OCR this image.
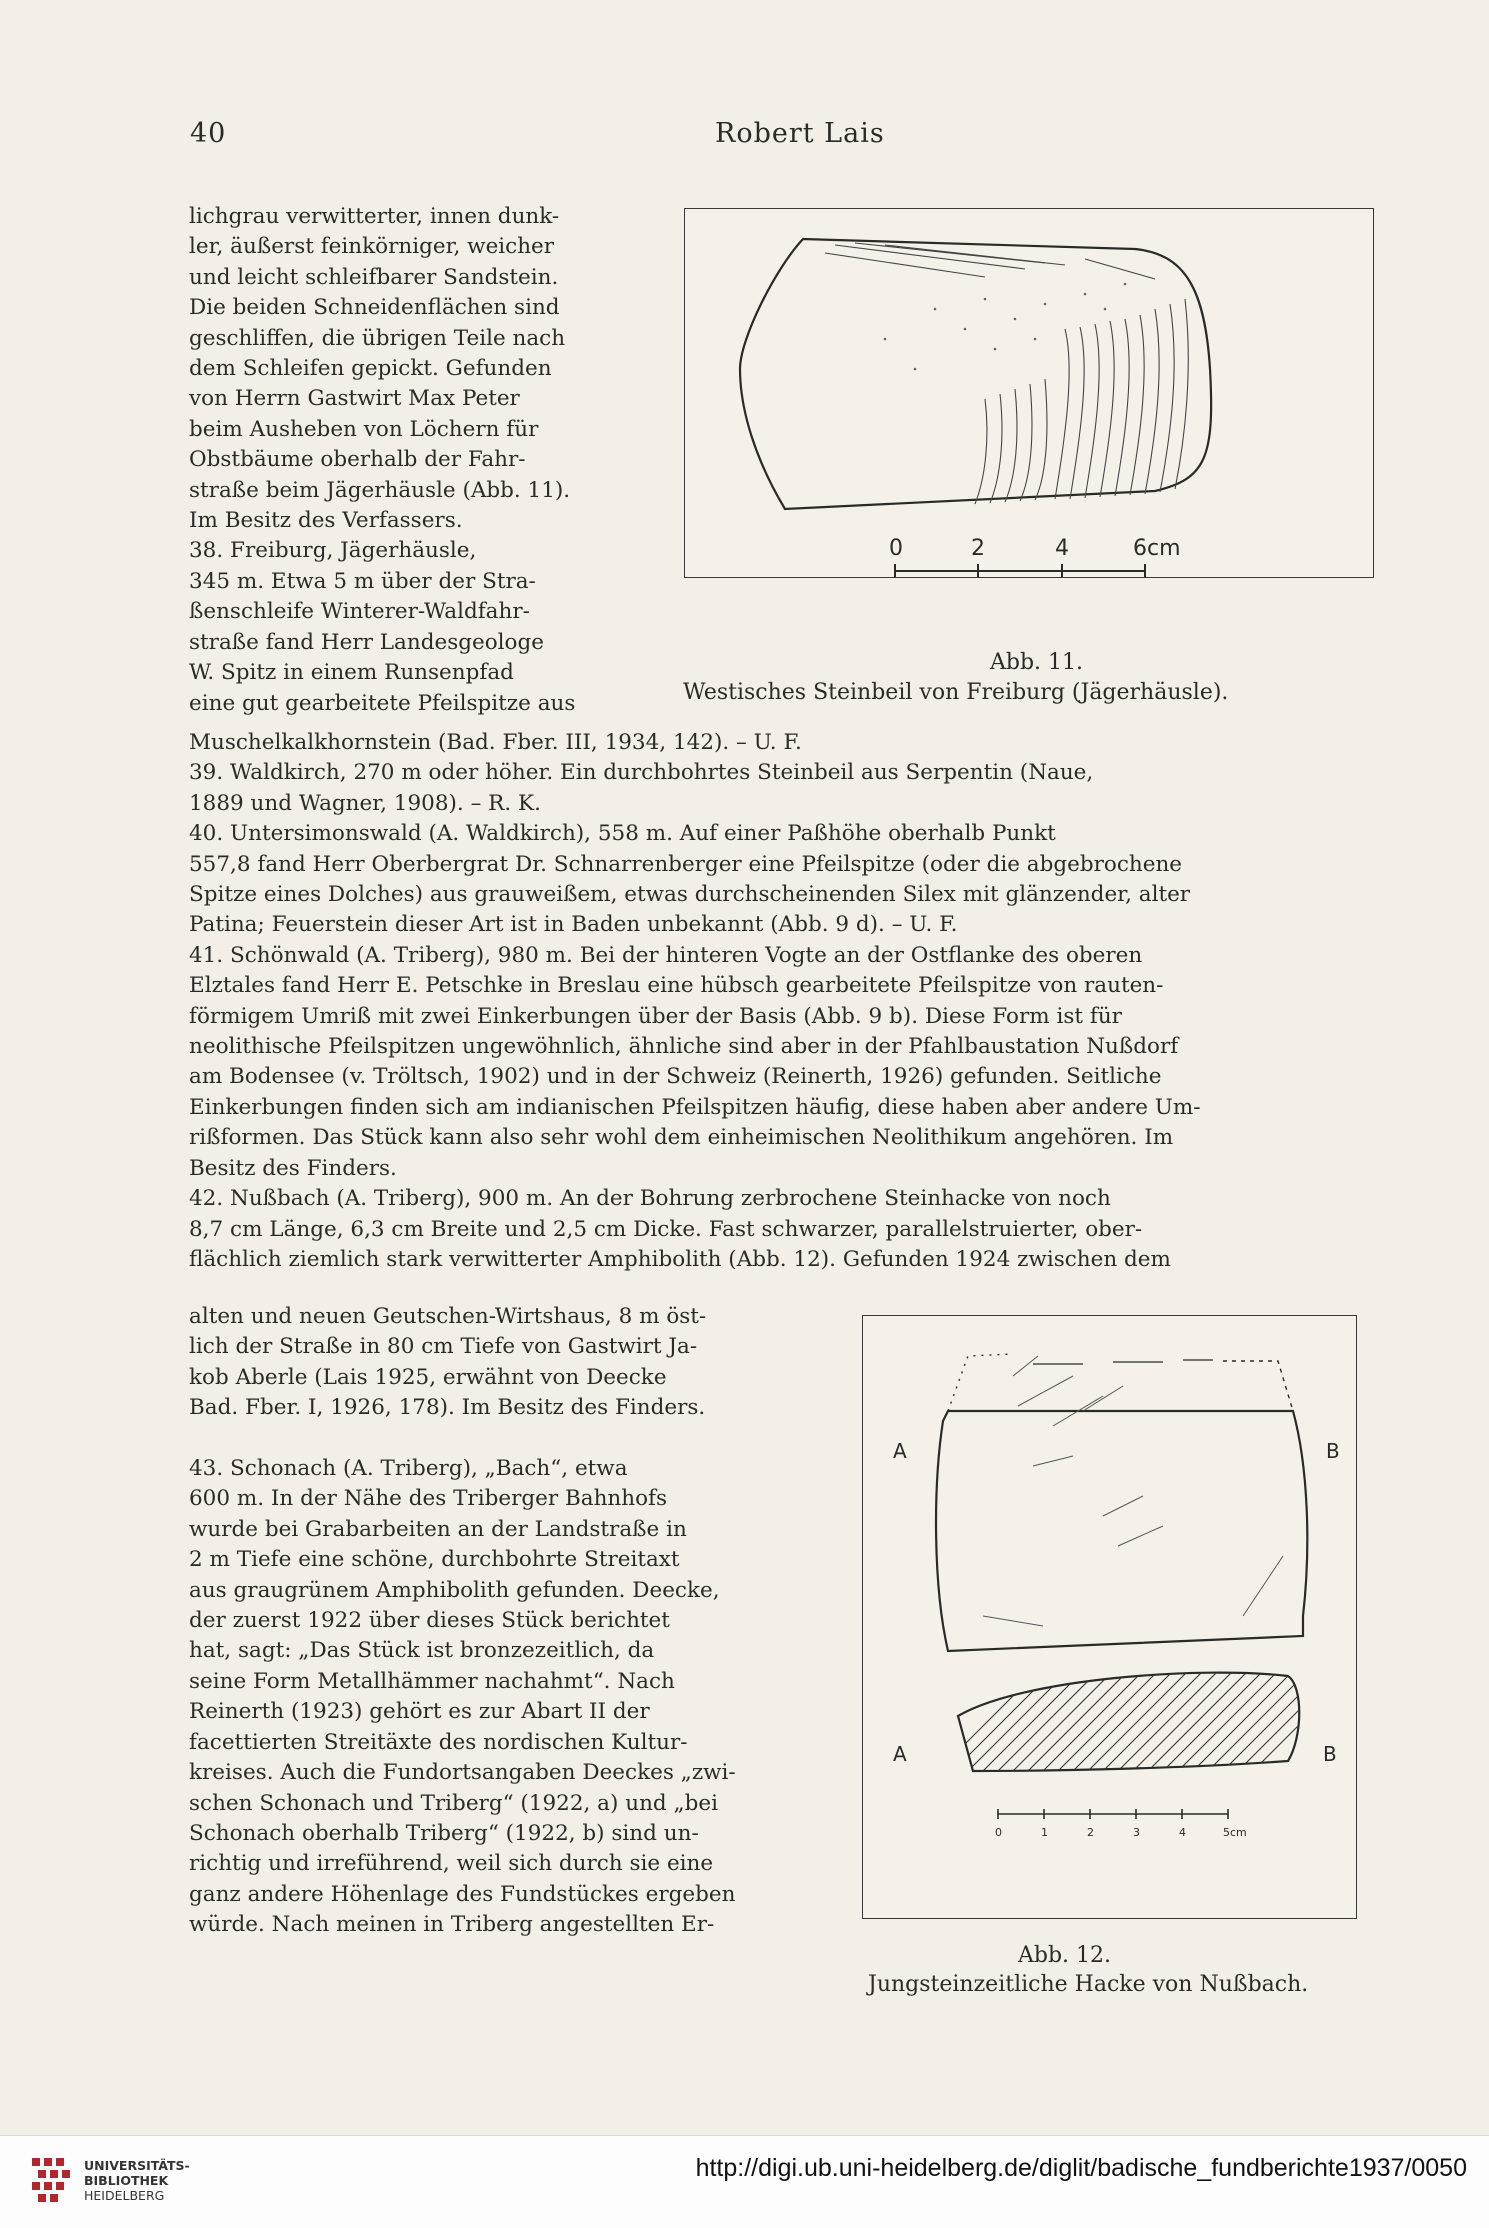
40	Robert Lais
lichgrau verwitterter, innen dunk-
ler, äußerst feinkörniger, weicher
und leicht schleifbarer Sandstein.
Die beiden Schneidenflächen sind
geschliffen, die übrigen Teile nach
dem Schleifen gepickt. Gefunden
von Herrn Gastwirt Max Peter
beim Ausheben von Löchern für
Obstbäume oberhalb der Fahr-
straße beim Jägerhäusle (Abb. 11).
Im Besitz des Verfassers.
38. Freiburg, Jägerhäusle,
345 m. Etwa 5 m über der Stra-
ßenschleife Winterer-Waldfahr-
straße fand Herr Landesgeologe
W. Spitz in einem Runsenpfad
eine gut gearbeitete Pfeilspitze aus
0	2	4	6cm
Abb. 11.
Westisches Steinbeil von Freiburg (Jägerhäusle).
Muschelkalkhornstein (Bad. Fber. III, 1934, 142). – U. F.
39. Waldkirch, 270 m oder höher. Ein durchbohrtes Steinbeil aus Serpentin (Naue,
1889 und Wagner, 1908). – R. K.
40. Untersimonswald (A. Waldkirch), 558 m. Auf einer Paßhöhe oberhalb Punkt
557,8 fand Herr Oberbergrat Dr. Schnarrenberger eine Pfeilspitze (oder die abgebrochene
Spitze eines Dolches) aus grauweißem, etwas durchscheinenden Silex mit glänzender, alter
Patina; Feuerstein dieser Art ist in Baden unbekannt (Abb. 9 d). – U. F.
41. Schönwald (A. Triberg), 980 m. Bei der hinteren Vogte an der Ostflanke des oberen
Elztales fand Herr E. Petschke in Breslau eine hübsch gearbeitete Pfeilspitze von rauten-
förmigem Umriß mit zwei Einkerbungen über der Basis (Abb. 9 b). Diese Form ist für
neolithische Pfeilspitzen ungewöhnlich, ähnliche sind aber in der Pfahlbaustation Nußdorf
am Bodensee (v. Tröltsch, 1902) und in der Schweiz (Reinerth, 1926) gefunden. Seitliche
Einkerbungen finden sich am indianischen Pfeilspitzen häufig, diese haben aber andere Um-
rißformen. Das Stück kann also sehr wohl dem einheimischen Neolithikum angehören. Im
Besitz des Finders.
42. Nußbach (A. Triberg), 900 m. An der Bohrung zerbrochene Steinhacke von noch
8,7 cm Länge, 6,3 cm Breite und 2,5 cm Dicke. Fast schwarzer, parallelstruierter, ober-
flächlich ziemlich stark verwitterter Amphibolith (Abb. 12). Gefunden 1924 zwischen dem
alten und neuen Geutschen-Wirtshaus, 8 m öst-
lich der Straße in 80 cm Tiefe von Gastwirt Ja-
kob Aberle (Lais 1925, erwähnt von Deecke
Bad. Fber. I, 1926, 178). Im Besitz des Finders.

43. Schonach (A. Triberg), „Bach“, etwa
600 m. In der Nähe des Triberger Bahnhofs
wurde bei Grabarbeiten an der Landstraße in
2 m Tiefe eine schöne, durchbohrte Streitaxt
aus graugrünem Amphibolith gefunden. Deecke,
der zuerst 1922 über dieses Stück berichtet
hat, sagt: „Das Stück ist bronzezeitlich, da
seine Form Metallhämmer nachahmt“. Nach
Reinerth (1923) gehört es zur Abart II der
facettierten Streitäxte des nordischen Kultur-
kreises. Auch die Fundortsangaben Deeckes „zwi-
schen Schonach und Triberg“ (1922, a) und „bei
Schonach oberhalb Triberg“ (1922, b) sind un-
richtig und irreführend, weil sich durch sie eine
ganz andere Höhenlage des Fundstückes ergeben
würde. Nach meinen in Triberg angestellten Er-
A	B
A	B
0	1	2	3	4	5cm
Abb. 12.
Jungsteinzeitliche Hacke von Nußbach.
UNIVERSITÄTS-
BIBLIOTHEK
HEIDELBERG
http://digi.ub.uni-heidelberg.de/diglit/badische_fundberichte1937/0050
